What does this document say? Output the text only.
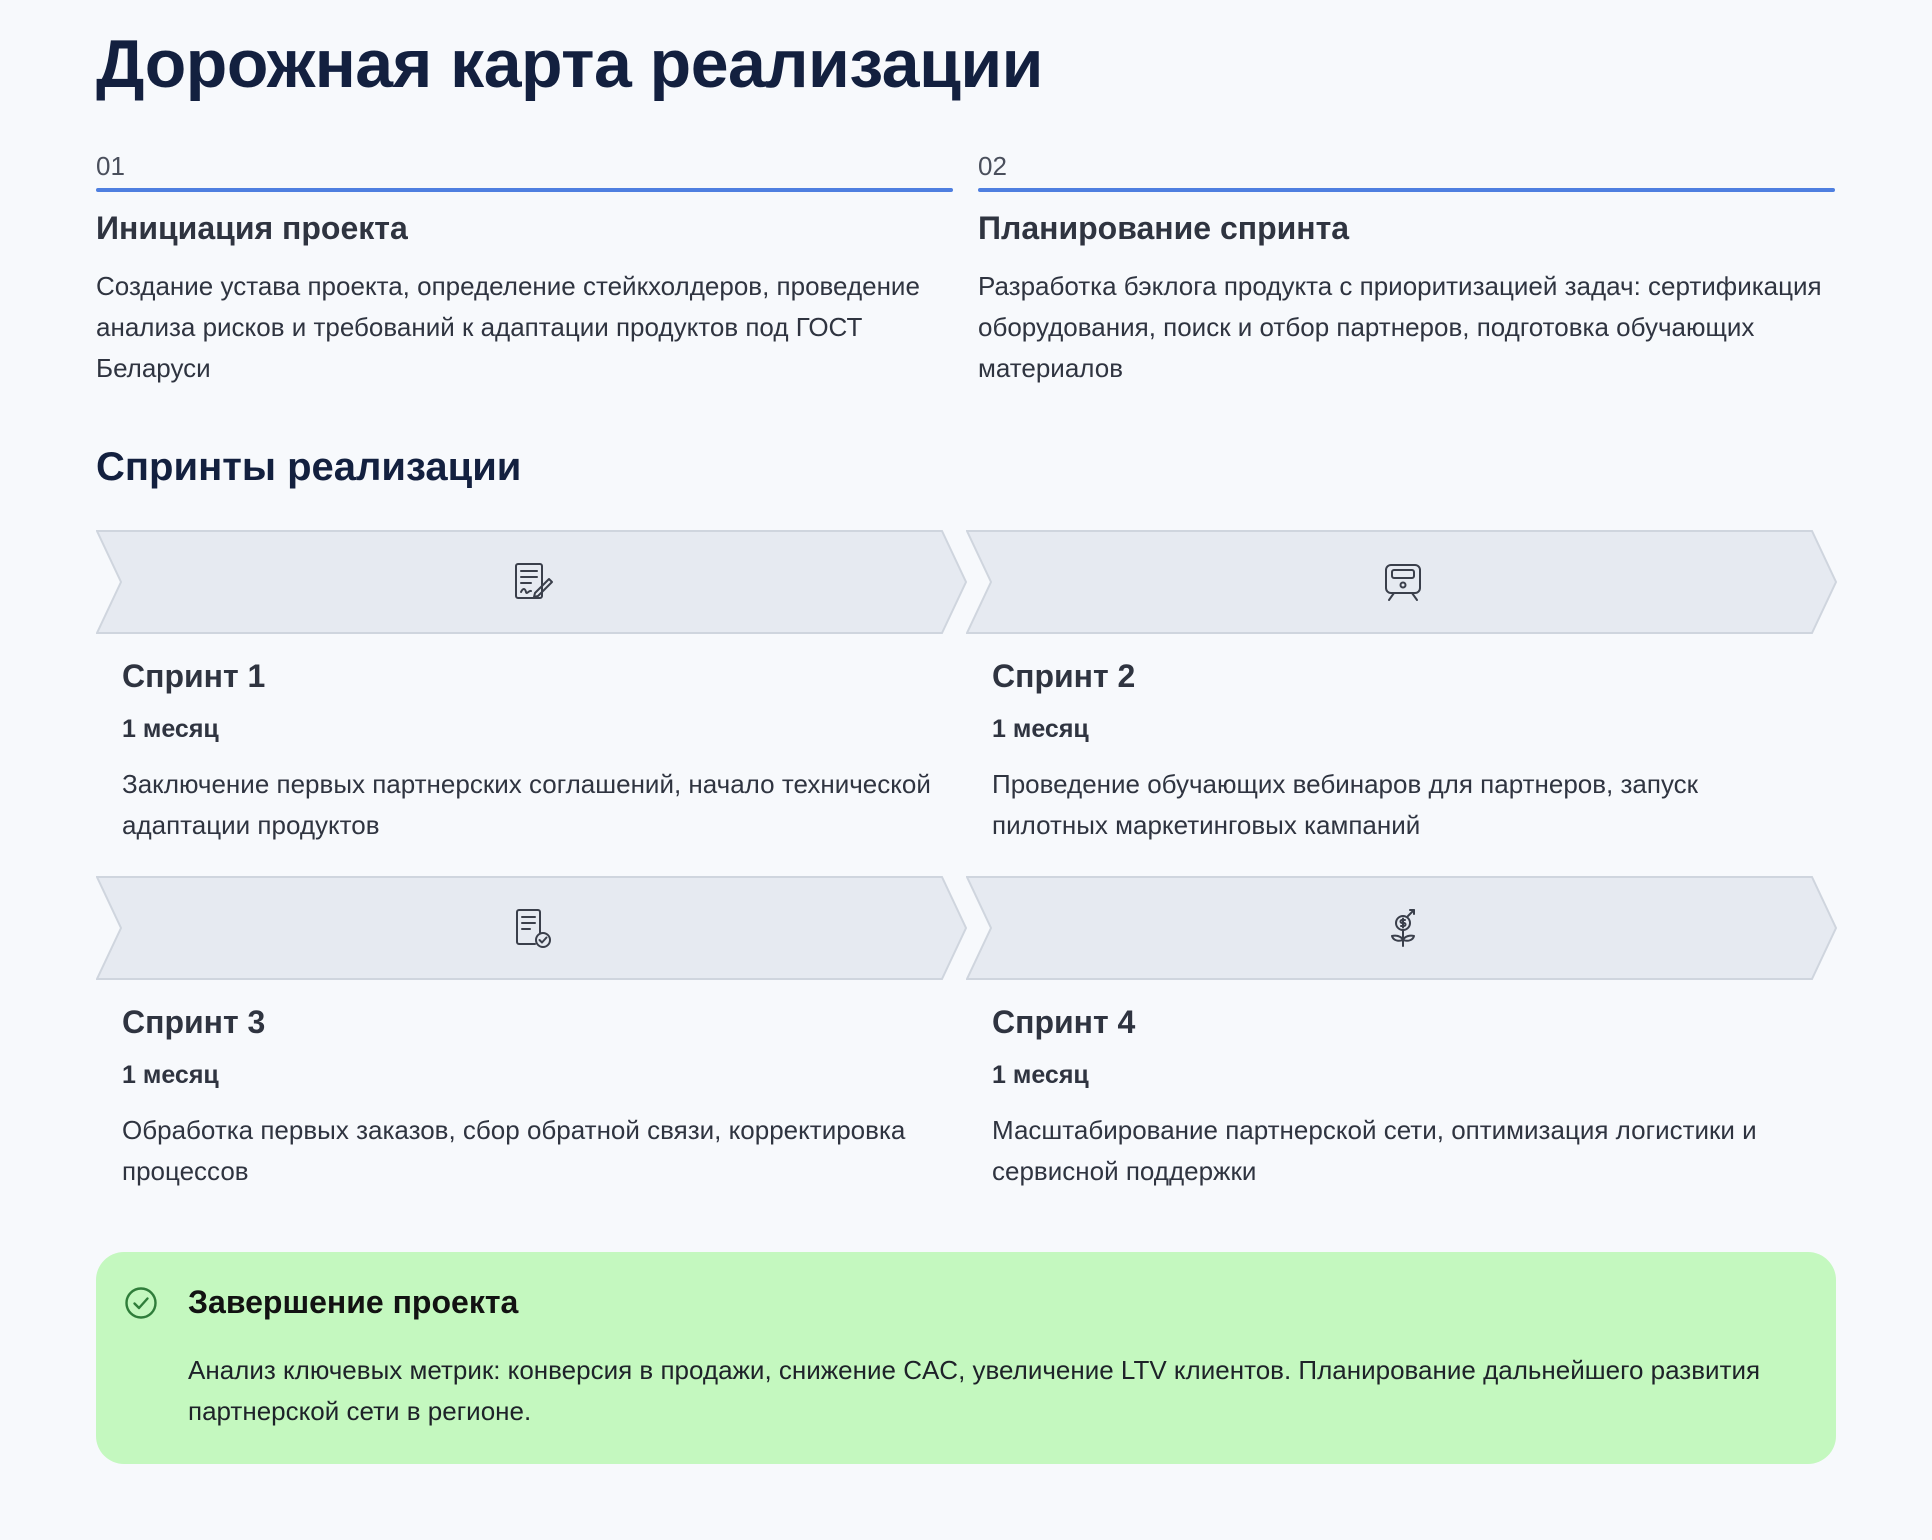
Дорожная карта реализации
01
Инициация проекта
Создание устава проекта, определение стейкхолдеров, проведение анализа рисков и требований к адаптации продуктов под ГОСТ Беларуси
02
Планирование спринта
Разработка бэклога продукта с приоритизацией задач: сертификация оборудования, поиск и отбор партнеров, подготовка обучающих материалов
Спринты реализации
Спринт 1
1 месяц
Заключение первых партнерских соглашений, начало технической адаптации продуктов
Спринт 2
1 месяц
Проведение обучающих вебинаров для партнеров, запуск пилотных маркетинговых кампаний
Спринт 3
1 месяц
Обработка первых заказов, сбор обратной связи, корректировка процессов
Спринт 4
1 месяц
Масштабирование партнерской сети, оптимизация логистики и сервисной поддержки
Завершение проекта
Анализ ключевых метрик: конверсия в продажи, снижение CAC, увеличение LTV клиентов. Планирование дальнейшего развития партнерской сети в регионе.
